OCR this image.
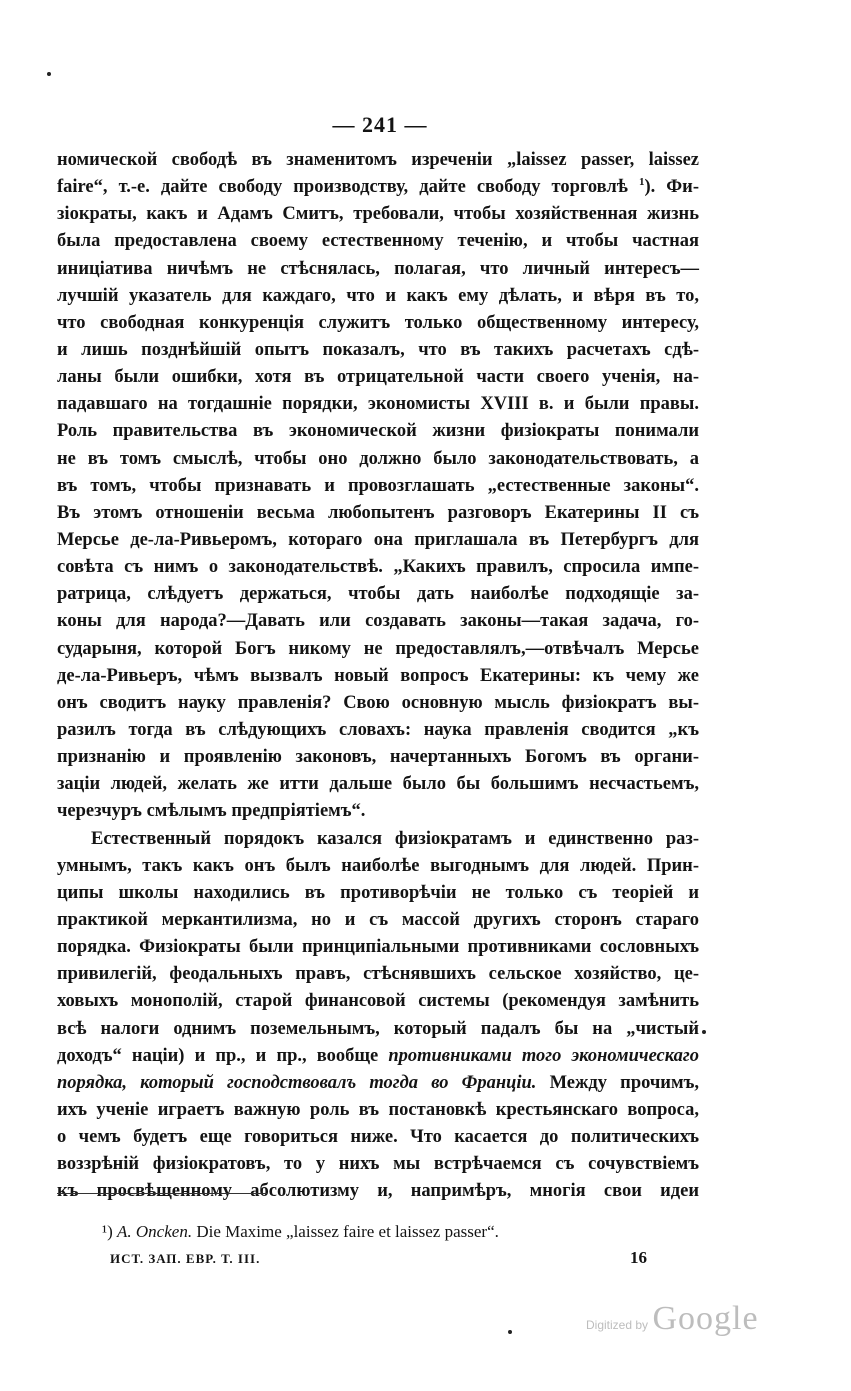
— 241 —
номической свободѣ въ знаменитомъ изреченіи „laissez passer, laissez
faire“, т.-е. дайте свободу производству, дайте свободу торговлѣ $^1$). Фи-
зіократы, какъ и Адамъ Смитъ, требовали, чтобы хозяйственная жизнь
была предоставлена своему естественному теченію, и чтобы частная
иниціатива ничѣмъ не стѣснялась, полагая, что личный интересъ—
лучшій указатель для каждаго, что и какъ ему дѣлать, и вѣря въ то,
что свободная конкуренція служитъ только общественному интересу,
и лишь позднѣйшій опытъ показалъ, что въ такихъ расчетахъ сдѣ-
ланы были ошибки, хотя въ отрицательной части своего ученія, на-
падавшаго на тогдашніе порядки, экономисты XVIII в. и были правы.
Роль правительства въ экономической жизни физіократы понимали
не въ томъ смыслѣ, чтобы оно должно было законодательствовать, а
въ томъ, чтобы признавать и провозглашать „естественные законы“.
Въ этомъ отношеніи весьма любопытенъ разговоръ Екатерины II съ
Мерсье де-ла-Ривьеромъ, котораго она приглашала въ Петербургъ для
совѣта съ нимъ о законодательствѣ. „Какихъ правилъ, спросила импе-
ратрица, слѣдуетъ держаться, чтобы дать наиболѣе подходящіе за-
коны для народа?—Давать или создавать законы—такая задача, го-
сударыня, которой Богъ никому не предоставлялъ,—отвѣчалъ Мерсье
де-ла-Ривьеръ, чѣмъ вызвалъ новый вопросъ Екатерины: къ чему же
онъ сводитъ науку правленія? Свою основную мысль физіократъ вы-
разилъ тогда въ слѣдующихъ словахъ: наука правленія сводится „къ
признанію и проявленію законовъ, начертанныхъ Богомъ въ органи-
заціи людей, желать же итти дальше было бы большимъ несчастьемъ,
черезчуръ смѣлымъ предпріятіемъ“.
Естественный порядокъ казался физіократамъ и единственно раз-
умнымъ, такъ какъ онъ былъ наиболѣе выгоднымъ для людей. Прин-
ципы школы находились въ противорѣчіи не только съ теоріей и
практикой меркантилизма, но и съ массой другихъ сторонъ стараго
порядка. Физіократы были принципіальными противниками сословныхъ
привилегій, феодальныхъ правъ, стѣснявшихъ сельское хозяйство, це-
ховыхъ монополій, старой финансовой системы (рекомендуя замѣнить
всѣ налоги однимъ поземельнымъ, который падалъ бы на „чистый
доходъ“ націи) и пр., и пр., вообще противниками того экономическаго
порядка, который господствовалъ тогда во Франціи. Между прочимъ,
ихъ ученіе играетъ важную роль въ постановкѣ крестьянскаго вопроса,
о чемъ будетъ еще говориться ниже. Что касается до политическихъ
воззрѣній физіократовъ, то у нихъ мы встрѣчаемся съ сочувствіемъ
къ просвѣщенному абсолютизму и, напримѣръ, многія свои идеи
¹) A. Oncken. Die Maxime „laissez faire et laissez passer“.
ИСТ. ЗАП. ЕВР. Т. III.	16
Digitized by Google
